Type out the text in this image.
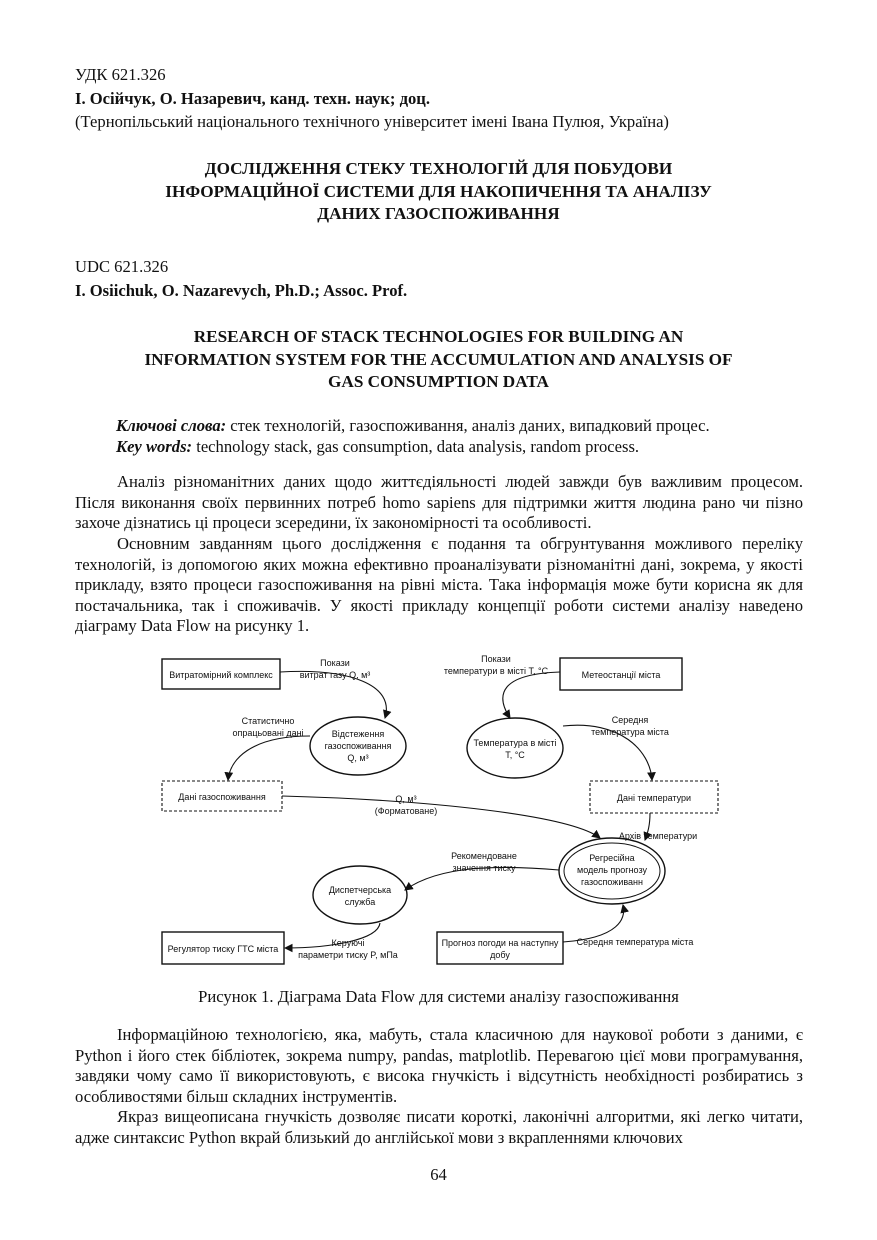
УДК 621.326
І. Осійчук, О. Назаревич, канд. техн. наук; доц.
(Тернопільський національного технічного університет імені Івана Пулюя, Україна)
ДОСЛІДЖЕННЯ СТЕКУ ТЕХНОЛОГІЙ ДЛЯ ПОБУДОВИ
ІНФОРМАЦІЙНОЇ СИСТЕМИ ДЛЯ НАКОПИЧЕННЯ ТА АНАЛІЗУ
ДАНИХ ГАЗОСПОЖИВАННЯ
UDC 621.326
I. Osiichuk, O. Nazarevych, Ph.D.; Assoc. Prof.
RESEARCH OF STACK TECHNOLOGIES FOR BUILDING AN
INFORMATION SYSTEM FOR THE ACCUMULATION AND ANALYSIS OF
GAS CONSUMPTION DATA
Ключові слова: стек технологій, газоспоживання, аналіз даних, випадковий процес.
Key words: technology stack, gas consumption, data analysis, random process.

Аналіз різноманітних даних щодо життєдіяльності людей завжди був важливим процесом. Після виконання своїх первинних потреб homo sapiens для підтримки життя людина рано чи пізно захоче дізнатись ці процеси зсередини, їх закономірності та особливості.

Основним завданням цього дослідження є подання та обгрунтування можливого переліку технологій, із допомогою яких можна ефективно проаналізувати різноманітні дані, зокрема, у якості прикладу, взято процеси газоспоживання на рівні міста. Така інформація може бути корисна як для постачальника, так і споживачів. У якості прикладу концепції роботи системи аналізу наведено діаграму Data Flow на рисунку 1.

Витратомірний комплекс	Метеостанції міста
Регулятор тиску ГТС міста
Прогноз погоди на наступну
добу
Дані газоспоживання	Дані температури
Відстеження
газоспоживання
Q, м³
Температура в місті
T, °C
Диспетчерська
служба
Регресійна
модель прогнозу
газоспоживанн
Покази
витрат газу Q, м³
Покази
температури в місті T, °C
Статистично
опрацьовані дані
Середня
температура міста
Q, м³
(Форматоване)
Архів температури
Рекомендоване
значення тиску
Керуючі
параметри тиску P, мПа
Середня температура міста
Рисунок 1. Діаграма Data Flow для системи аналізу газоспоживання

Інформаційною технологією, яка, мабуть, стала класичною для наукової роботи з даними, є Python і його стек бібліотек, зокрема numpy, pandas, matplotlib. Перевагою цієї мови програмування, завдяки чому само її використовують, є висока гнучкість і відсутність необхідності розбиратись з особливостями більш складних інструментів.

Якраз вищеописана гнучкість дозволяє писати короткі, лаконічні алгоритми, які легко читати, адже синтаксис Python вкрай близький до англійської мови з вкрапленнями ключових

64
